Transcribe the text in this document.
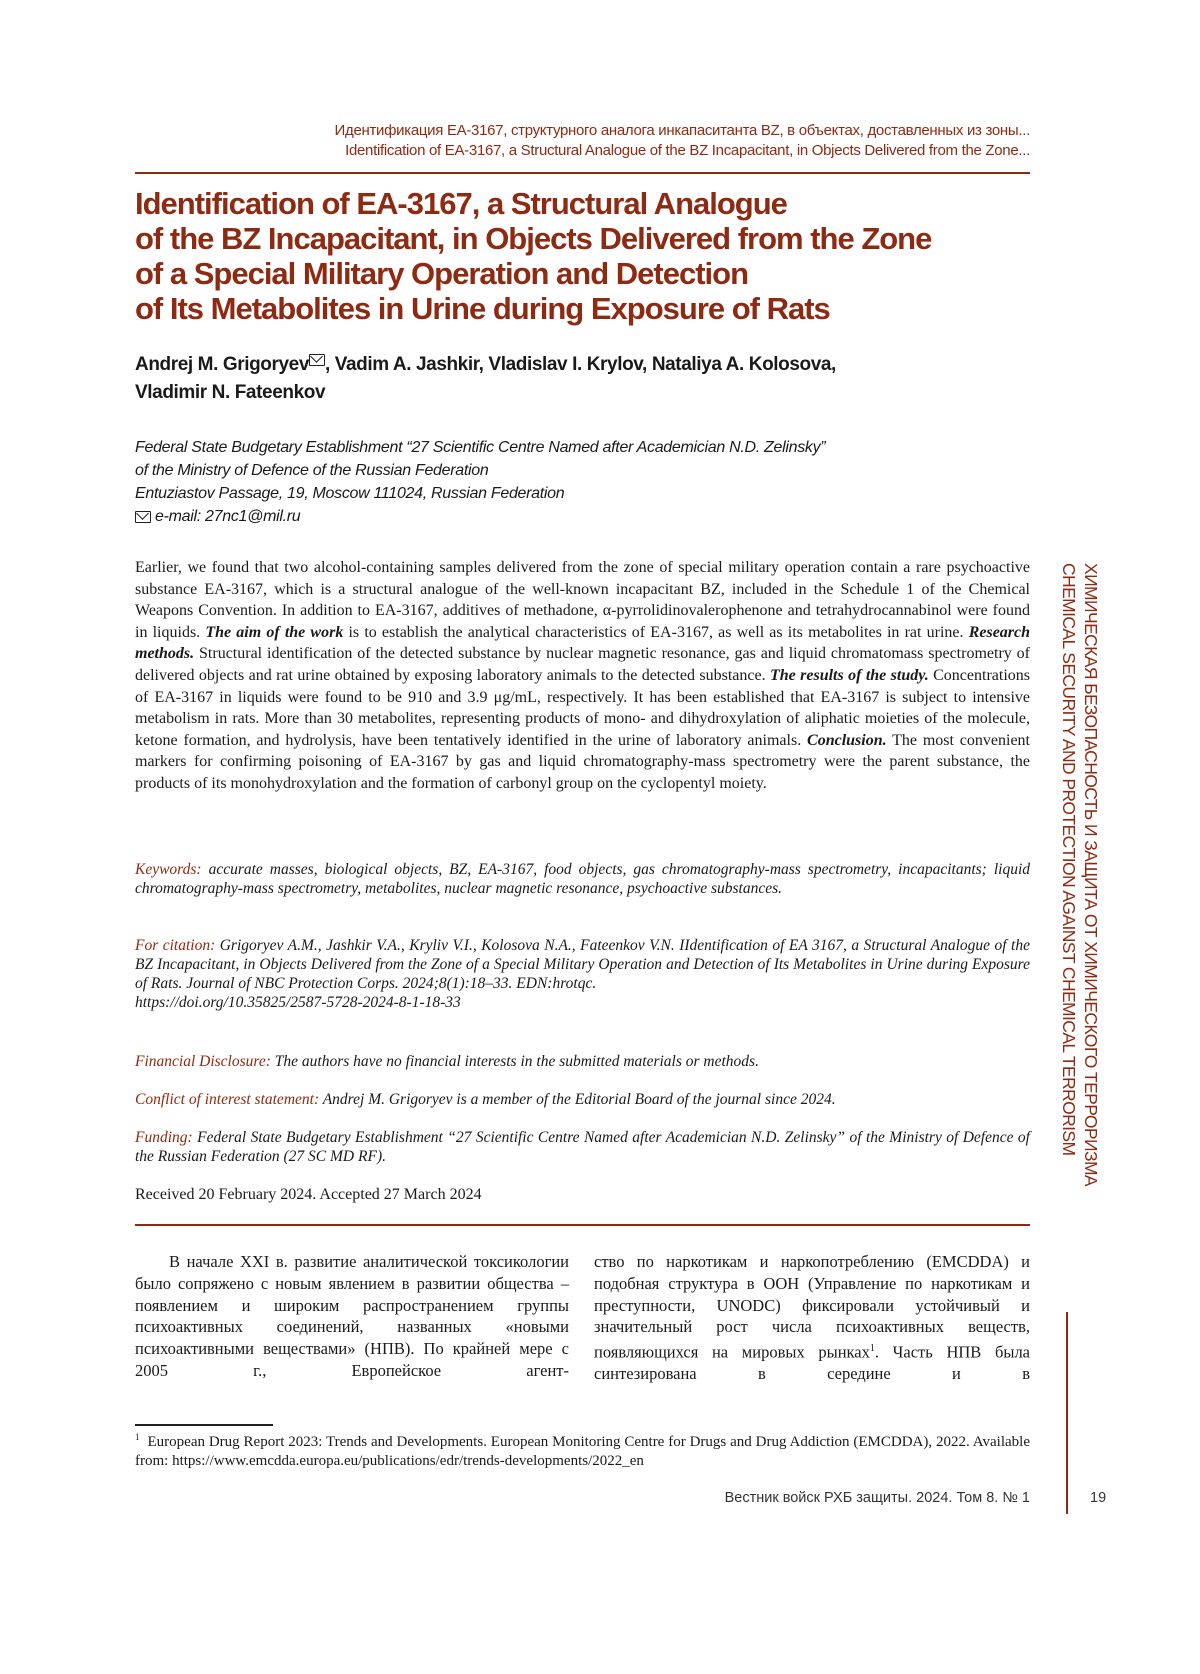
Идентификация EA-3167, структурного аналога инкапаситанта BZ, в объектах, доставленных из зоны...
Identification of EA-3167, a Structural Analogue of the BZ Incapacitant, in Objects Delivered from the Zone...
Identification of EA-3167, a Structural Analogue
of the BZ Incapacitant, in Objects Delivered from the Zone
of a Special Military Operation and Detection
of Its Metabolites in Urine during Exposure of Rats
Andrej M. Grigoryev , Vadim A. Jashkir, Vladislav I. Krylov, Nataliya A. Kolosova,
Vladimir N. Fateenkov
Federal State Budgetary Establishment “27 Scientific Centre Named after Academician N.D. Zelinsky”
of the Ministry of Defence of the Russian Federation
Entuziastov Passage, 19, Moscow 111024, Russian Federation
e-mail: 27nc1@mil.ru
Earlier, we found that two alcohol-containing samples delivered from the zone of special military operation contain a rare psychoactive substance EA-3167, which is a structural analogue of the well-known incapacitant BZ, included in the Schedule 1 of the Chemical Weapons Convention. In addition to EA-3167, additives of methadone, α-pyrrolidinovalerophenone and tetrahydrocannabinol were found in liquids. The aim of the work is to establish the analytical characteristics of EA-3167, as well as its metabolites in rat urine. Research methods. Structural identification of the detected substance by nuclear magnetic resonance, gas and liquid chromatomass spectrometry of delivered objects and rat urine obtained by exposing laboratory animals to the detected substance. The results of the study. Concentrations of EA-3167 in liquids were found to be 910 and 3.9 μg/mL, respectively. It has been established that EA-3167 is subject to intensive metabolism in rats. More than 30 metabolites, representing products of mono- and dihydroxylation of aliphatic moieties of the molecule, ketone formation, and hydrolysis, have been tentatively identified in the urine of laboratory animals. Conclusion. The most convenient markers for confirming poisoning of EA-3167 by gas and liquid chromatography-mass spectrometry were the parent substance, the products of its monohydroxylation and the formation of carbonyl group on the cyclopentyl moiety.
Keywords: accurate masses, biological objects, BZ, EA-3167, food objects, gas chromatography-mass spectrometry, incapacitants; liquid chromatography-mass spectrometry, metabolites, nuclear magnetic resonance, psychoactive substances.
For citation: Grigoryev A.M., Jashkir V.A., Kryliv V.I., Kolosova N.A., Fateenkov V.N. IIdentification of EA 3167, a Structural Analogue of the BZ Incapacitant, in Objects Delivered from the Zone of a Special Military Operation and Detection of Its Metabolites in Urine during Exposure of Rats. Journal of NBC Protection Corps. 2024;8(1):18–33. EDN:hrotqc.
https://doi.org/10.35825/2587-5728-2024-8-1-18-33
Financial Disclosure: The authors have no financial interests in the submitted materials or methods.
Conflict of interest statement: Andrej M. Grigoryev is a member of the Editorial Board of the journal since 2024.
Funding: Federal State Budgetary Establishment “27 Scientific Centre Named after Academician N.D. Zelinsky” of the Ministry of Defence of the Russian Federation (27 SC MD RF).
Received 20 February 2024. Accepted 27 March 2024

В начале XXI в. развитие аналитической токсикологии было сопряжено с новым явлением в развитии общества – появлением и широким распространением группы психоактивных соединений, названных «новыми психоактивными веществами» (НПВ). По крайней мере с 2005 г., Европейское агент-

ство по наркотикам и наркопотреблению (EMCDDA) и подобная структура в ООН (Управление по наркотикам и преступности, UNODC) фиксировали устойчивый и значительный рост числа психоактивных веществ, появляющихся на мировых рынках$^1$. Часть НПВ была синтезирована в середине и в

$^1$ European Drug Report 2023: Trends and Developments. European Monitoring Centre for Drugs and Drug Addiction (EMCDDA), 2022. Available from: https://www.emcdda.europa.eu/publications/edr/trends-developments/2022_en
Вестник войск РХБ защиты. 2024. Том 8. № 1	19
ХИМИЧЕСКАЯ БЕЗОПАСНОСТЬ И ЗАЩИТА ОТ ХИМИЧЕСКОГО ТЕРРОРИЗМА
CHEMICAL SECURITY AND PROTECTION AGAINST CHEMICAL TERRORISM
